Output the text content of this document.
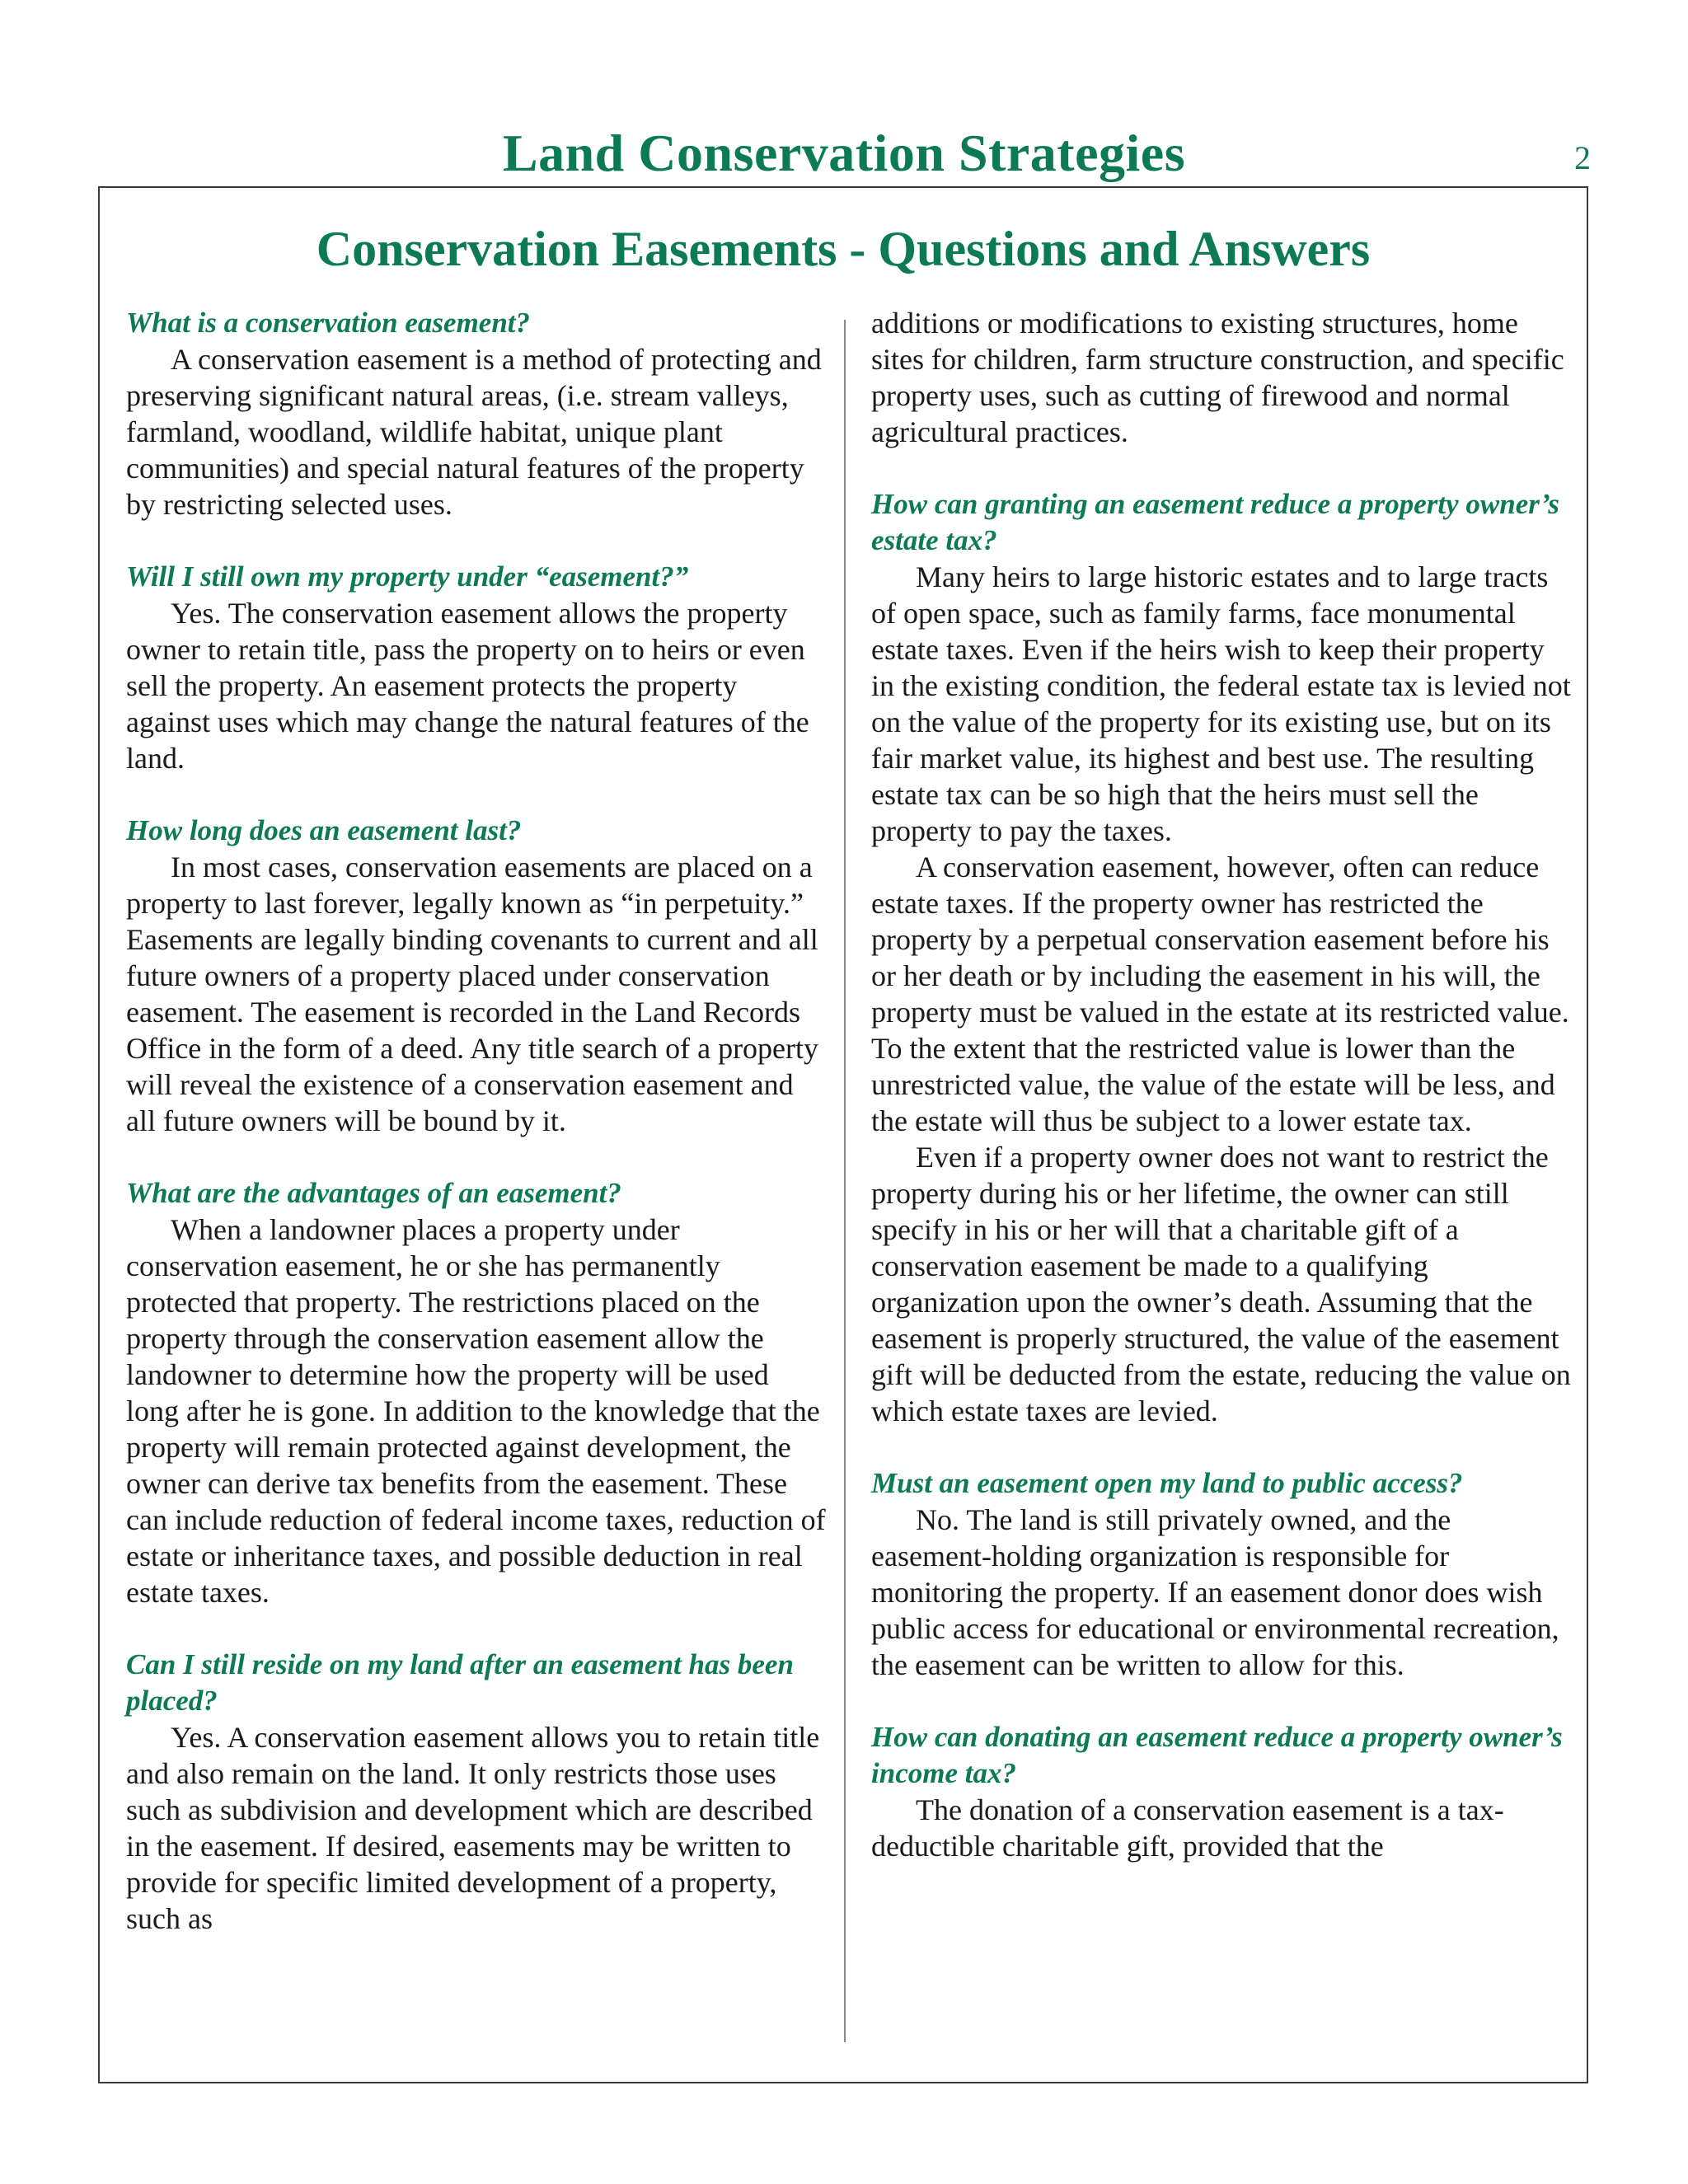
Land Conservation Strategies	2
Conservation Easements - Questions and Answers

What is a conservation easement?

A conservation easement is a method of protecting and preserving significant natural areas, (i.e. stream valleys, farmland, woodland, wildlife habitat, unique plant communities) and special natural features of the property by restricting selected uses.

Will I still own my property under “easement?”

Yes. The conservation easement allows the property owner to retain title, pass the property on to heirs or even sell the property. An easement protects the property against uses which may change the natural features of the land.

How long does an easement last?

In most cases, conservation easements are placed on a property to last forever, legally known as “in perpetuity.” Easements are legally binding covenants to current and all future owners of a property placed under conservation easement. The easement is recorded in the Land Records Office in the form of a deed. Any title search of a property will reveal the existence of a conservation easement and all future owners will be bound by it.

What are the advantages of an easement?

When a landowner places a property under conservation easement, he or she has permanently protected that property. The restrictions placed on the property through the conservation easement allow the landowner to determine how the property will be used long after he is gone. In addition to the knowledge that the property will remain protected against development, the owner can derive tax benefits from the easement. These can include reduction of federal income taxes, reduction of estate or inheritance taxes, and possible deduction in real estate taxes.

Can I still reside on my land after an easement has been placed?

Yes. A conservation easement allows you to retain title and also remain on the land. It only restricts those uses such as subdivision and development which are described in the easement. If desired, easements may be written to provide for specific limited development of a property, such as

additions or modifications to existing structures, home sites for children, farm structure construction, and specific property uses, such as cutting of firewood and normal agricultural practices.

How can granting an easement reduce a property owner’s estate tax?

Many heirs to large historic estates and to large tracts of open space, such as family farms, face monumental estate taxes. Even if the heirs wish to keep their property in the existing condition, the federal estate tax is levied not on the value of the property for its existing use, but on its fair market value, its highest and best use. The resulting estate tax can be so high that the heirs must sell the property to pay the taxes.

A conservation easement, however, often can reduce estate taxes. If the property owner has restricted the property by a perpetual conservation easement before his or her death or by including the easement in his will, the property must be valued in the estate at its restricted value. To the extent that the restricted value is lower than the unrestricted value, the value of the estate will be less, and the estate will thus be subject to a lower estate tax.

Even if a property owner does not want to restrict the property during his or her lifetime, the owner can still specify in his or her will that a charitable gift of a conservation easement be made to a qualifying organization upon the owner’s death. Assuming that the easement is properly structured, the value of the easement gift will be deducted from the estate, reducing the value on which estate taxes are levied.

Must an easement open my land to public access?

No. The land is still privately owned, and the easement-holding organization is responsible for monitoring the property. If an easement donor does wish public access for educational or environmental recreation, the easement can be written to allow for this.

How can donating an easement reduce a property owner’s income tax?

The donation of a conservation easement is a tax-deductible charitable gift, provided that the
